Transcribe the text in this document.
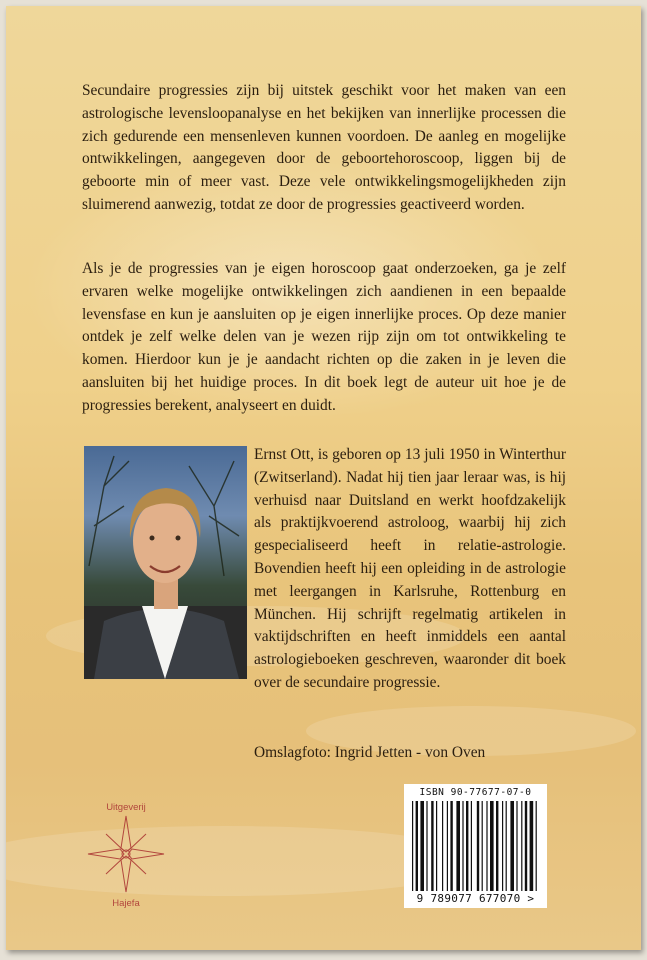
Secundaire progressies zijn bij uitstek geschikt voor het maken van een astrologische levensloopanalyse en het bekijken van innerlijke processen die zich gedurende een mensenleven kunnen voordoen. De aanleg en mogelijke ontwikkelingen, aangegeven door de geboortehoroscoop, liggen bij de geboorte min of meer vast. Deze vele ontwikkelingsmogelijkheden zijn sluimerend aanwezig, totdat ze door de progressies geactiveerd worden.

Als je de progressies van je eigen horoscoop gaat onderzoeken, ga je zelf ervaren welke mogelijke ontwikkelingen zich aandienen in een bepaalde levensfase en kun je aansluiten op je eigen innerlijke proces. Op deze manier ontdek je zelf welke delen van je wezen rijp zijn om tot ontwikkeling te komen. Hierdoor kun je je aandacht richten op die zaken in je leven die aansluiten bij het huidige proces. In dit boek legt de auteur uit hoe je de progressies berekent, analyseert en duidt.

Ernst Ott, is geboren op 13 juli 1950 in Winterthur (Zwitserland). Nadat hij tien jaar leraar was, is hij verhuisd naar Duitsland en werkt hoofdzakelijk als praktijkvoerend astroloog, waarbij hij zich gespecialiseerd heeft in relatie-astrologie. Bovendien heeft hij een opleiding in de astrologie met leergangen in Karlsruhe, Rottenburg en München. Hij schrijft regelmatig artikelen in vaktijdschriften en heeft inmiddels een aantal astrologieboeken geschreven, waaronder dit boek over de secundaire progressie.

Omslagfoto: Ingrid Jetten - von Oven

Uitgeverij
Hajefa
ISBN 90-77677-07-0
9 789077 677070 >
